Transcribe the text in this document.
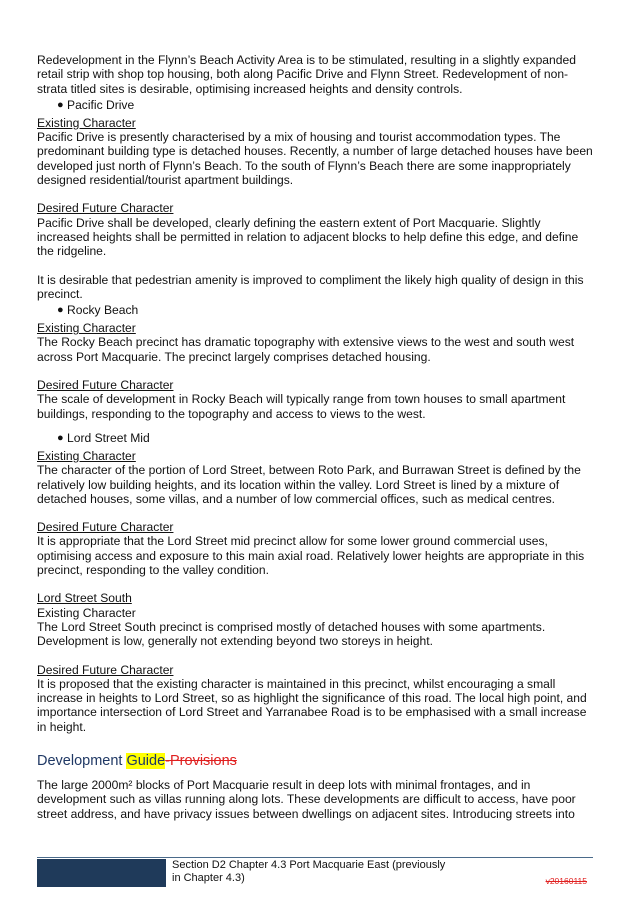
Redevelopment in the Flynn’s Beach Activity Area is to be stimulated, resulting in a slightly expanded retail strip with shop top housing, both along Pacific Drive and Flynn Street. Redevelopment of non-strata titled sites is desirable, optimising increased heights and density controls.

● Pacific Drive

Existing Character

Pacific Drive is presently characterised by a mix of housing and tourist accommodation types. The predominant building type is detached houses. Recently, a number of large detached houses have been developed just north of Flynn’s Beach. To the south of Flynn’s Beach there are some inappropriately designed residential/tourist apartment buildings.

Desired Future Character

Pacific Drive shall be developed, clearly defining the eastern extent of Port Macquarie. Slightly increased heights shall be permitted in relation to adjacent blocks to help define this edge, and define the ridgeline.

It is desirable that pedestrian amenity is improved to compliment the likely high quality of design in this precinct.

● Rocky Beach

Existing Character

The Rocky Beach precinct has dramatic topography with extensive views to the west and south west across Port Macquarie. The precinct largely comprises detached housing.

Desired Future Character

The scale of development in Rocky Beach will typically range from town houses to small apartment buildings, responding to the topography and access to views to the west.

● Lord Street Mid

Existing Character

The character of the portion of Lord Street, between Roto Park, and Burrawan Street is defined by the relatively low building heights, and its location within the valley. Lord Street is lined by a mixture of detached houses, some villas, and a number of low commercial offices, such as medical centres.

Desired Future Character

It is appropriate that the Lord Street mid precinct allow for some lower ground commercial uses, optimising access and exposure to this main axial road. Relatively lower heights are appropriate in this precinct, responding to the valley condition.

Lord Street South

Existing Character

The Lord Street South precinct is comprised mostly of detached houses with some apartments. Development is low, generally not extending beyond two storeys in height.

Desired Future Character

It is proposed that the existing character is maintained in this precinct, whilst encouraging a small increase in heights to Lord Street, so as highlight the significance of this road. The local high point, and importance intersection of Lord Street and Yarranabee Road is to be emphasised with a small increase in height.

Development Guide-Provisions

The large 2000m² blocks of Port Macquarie result in deep lots with minimal frontages, and in development such as villas running along lots. These developments are difficult to access, have poor street address, and have privacy issues between dwellings on adjacent sites. Introducing streets into

Section D2 Chapter 4.3 Port Macquarie East (previously
in Chapter 4.3)	v20160115
